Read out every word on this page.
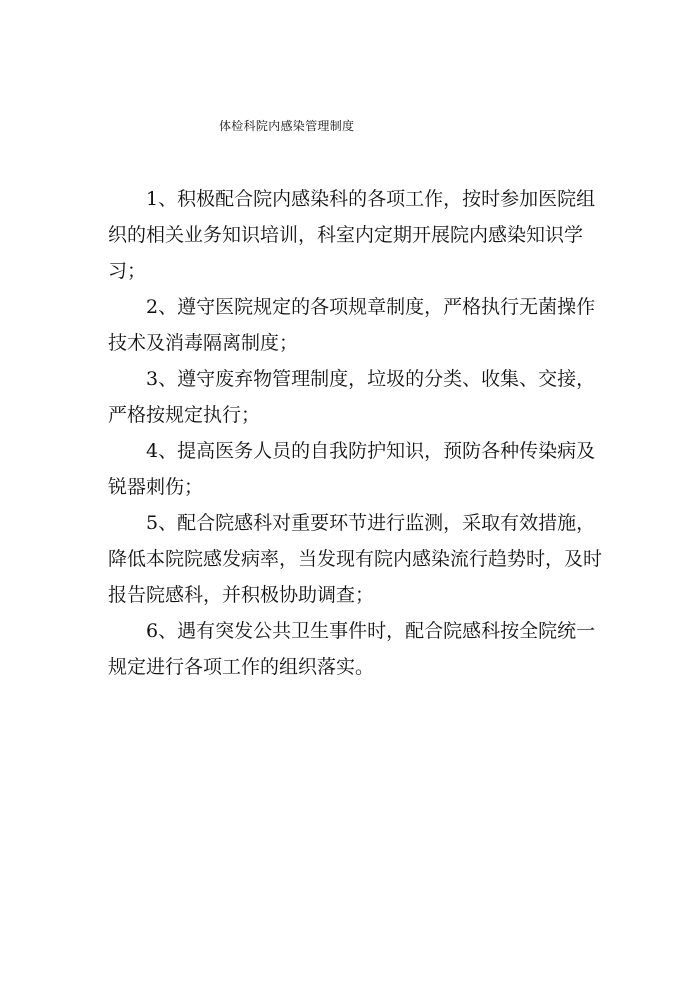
体检科院内感染管理制度

1、积极配合院内感染科的各项工作，按时参加医院组织的相关业务知识培训，科室内定期开展院内感染知识学习；

2、遵守医院规定的各项规章制度，严格执行无菌操作技术及消毒隔离制度；

3、遵守废弃物管理制度，垃圾的分类、收集、交接，严格按规定执行；

4、提高医务人员的自我防护知识，预防各种传染病及锐器刺伤；

5、配合院感科对重要环节进行监测，采取有效措施，降低本院院感发病率，当发现有院内感染流行趋势时，及时报告院感科，并积极协助调查；

6、遇有突发公共卫生事件时，配合院感科按全院统一规定进行各项工作的组织落实。
